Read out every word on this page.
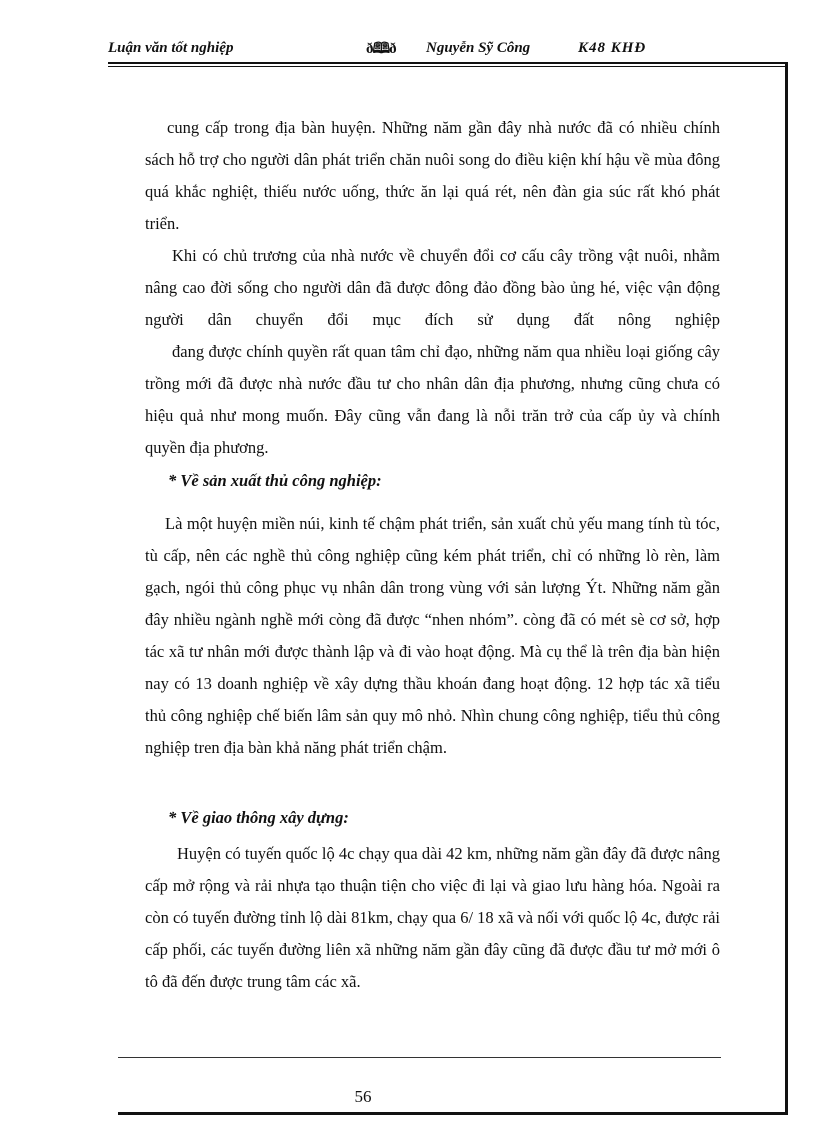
Luận văn tốt nghiệp	ð🕮ð Nguyễn Sỹ Công	K48 KHĐ

cung cấp trong địa bàn huyện. Những năm gần đây nhà nước đã có nhiều chính sách hỗ trợ cho người dân phát triển chăn nuôi song do điều kiện khí hậu về mùa đông quá khắc nghiệt, thiếu nước uống, thức ăn lại quá rét, nên đàn gia súc rất khó phát triển.

Khi có chủ trương của nhà nước về chuyển đổi cơ cấu cây trồng vật nuôi, nhằm nâng cao đời sống cho người dân đã được đông đảo đồng bào ủng hé, việc vận động người dân chuyển đổi mục đích sử dụng đất nông nghiệp

đang được chính quyền rất quan tâm chỉ đạo, những năm qua nhiều loại giống cây trồng mới đã được nhà nước đầu tư cho nhân dân địa phương, nhưng cũng chưa có hiệu quả như mong muốn. Đây cũng vẫn đang là nỗi trăn trở của cấp ủy và chính quyền địa phương.

* Về sản xuất thủ công nghiệp:

Là một huyện miền núi, kinh tế chậm phát triển, sản xuất chủ yếu mang tính tù tóc, tù cấp, nên các nghề thủ công nghiệp cũng kém phát triển, chỉ có những lò rèn, làm gạch, ngói thủ công phục vụ nhân dân trong vùng với sản lượng Ýt. Những năm gần đây nhiều ngành nghề mới còng đã được “nhen nhóm”. còng đã có mét sè cơ sở, hợp tác xã tư nhân mới được thành lập và đi vào hoạt động. Mà cụ thể là trên địa bàn hiện nay có 13 doanh nghiệp về xây dựng thầu khoán đang hoạt động. 12 hợp tác xã tiểu thủ công nghiệp chế biến lâm sản quy mô nhỏ. Nhìn chung công nghiệp, tiểu thủ công nghiệp tren địa bàn khả năng phát triển chậm.

* Về giao thông xây dựng:

Huyện có tuyến quốc lộ 4c chạy qua dài 42 km, những năm gần đây đã được nâng cấp mở rộng và rải nhựa tạo thuận tiện cho việc đi lại và giao lưu hàng hóa. Ngoài ra còn có tuyến đường tỉnh lộ dài 81km, chạy qua 6/ 18 xã và nối với quốc lộ 4c, được rải cấp phối, các tuyến đường liên xã những năm gần đây cũng đã được đầu tư mở mới ô tô đã đến được trung tâm các xã.

56
